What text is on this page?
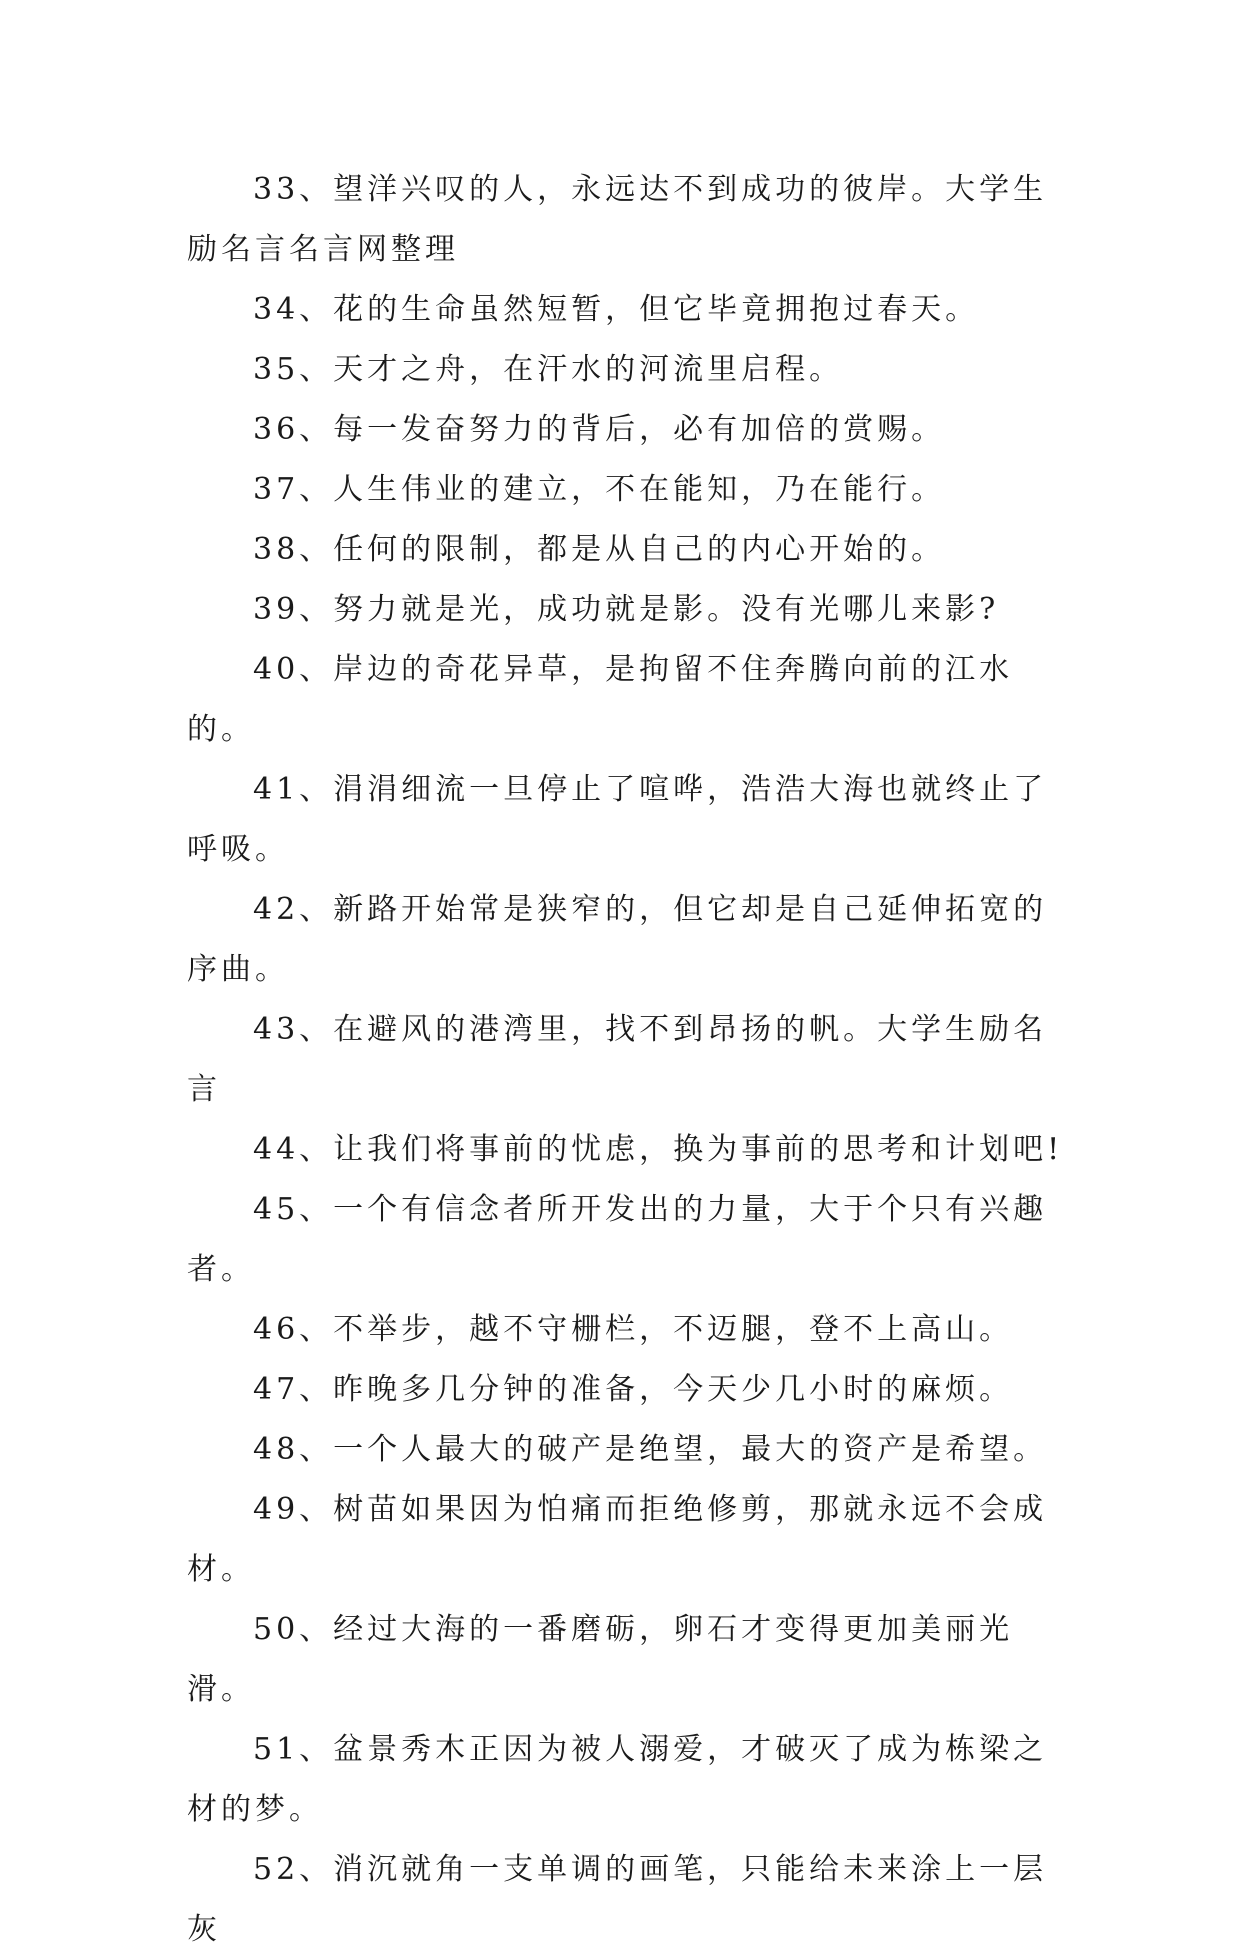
33、望洋兴叹的人，永远达不到成功的彼岸。大学生励名言名言网整理

34、花的生命虽然短暂，但它毕竟拥抱过春天。

35、天才之舟，在汗水的河流里启程。

36、每一发奋努力的背后，必有加倍的赏赐。

37、人生伟业的建立，不在能知，乃在能行。

38、任何的限制，都是从自己的内心开始的。

39、努力就是光，成功就是影。没有光哪儿来影?

40、岸边的奇花异草，是拘留不住奔腾向前的江水的。

41、涓涓细流一旦停止了喧哗，浩浩大海也就终止了呼吸。

42、新路开始常是狭窄的，但它却是自己延伸拓宽的序曲。

43、在避风的港湾里，找不到昂扬的帆。大学生励名言

44、让我们将事前的忧虑，换为事前的思考和计划吧!

45、一个有信念者所开发出的力量，大于个只有兴趣者。

46、不举步，越不守栅栏，不迈腿，登不上高山。

47、昨晚多几分钟的准备，今天少几小时的麻烦。

48、一个人最大的破产是绝望，最大的资产是希望。

49、树苗如果因为怕痛而拒绝修剪，那就永远不会成材。

50、经过大海的一番磨砺，卵石才变得更加美丽光滑。

51、盆景秀木正因为被人溺爱，才破灭了成为栋梁之材的梦。

52、消沉就角一支单调的画笔，只能给未来涂上一层灰
